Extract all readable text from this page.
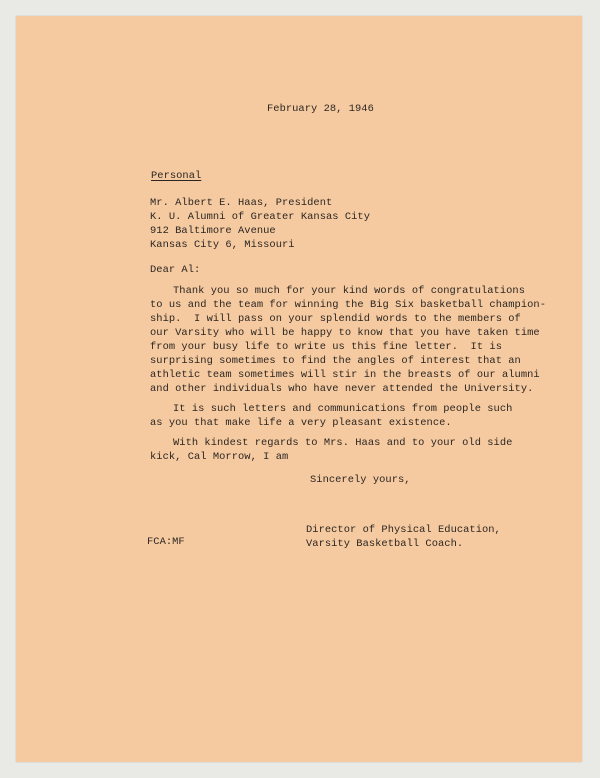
February 28, 1946
Personal
Mr. Albert E. Haas, President
K. U. Alumni of Greater Kansas City
912 Baltimore Avenue
Kansas City 6, Missouri
Dear Al:
Thank you so much for your kind words of congratulations
to us and the team for winning the Big Six basketball champion-
ship.  I will pass on your splendid words to the members of
our Varsity who will be happy to know that you have taken time
from your busy life to write us this fine letter.  It is
surprising sometimes to find the angles of interest that an
athletic team sometimes will stir in the breasts of our alumni
and other individuals who have never attended the University.
It is such letters and communications from people such
as you that make life a very pleasant existence.
With kindest regards to Mrs. Haas and to your old side
kick, Cal Morrow, I am
Sincerely yours,
FCA:MF
Director of Physical Education,
Varsity Basketball Coach.
